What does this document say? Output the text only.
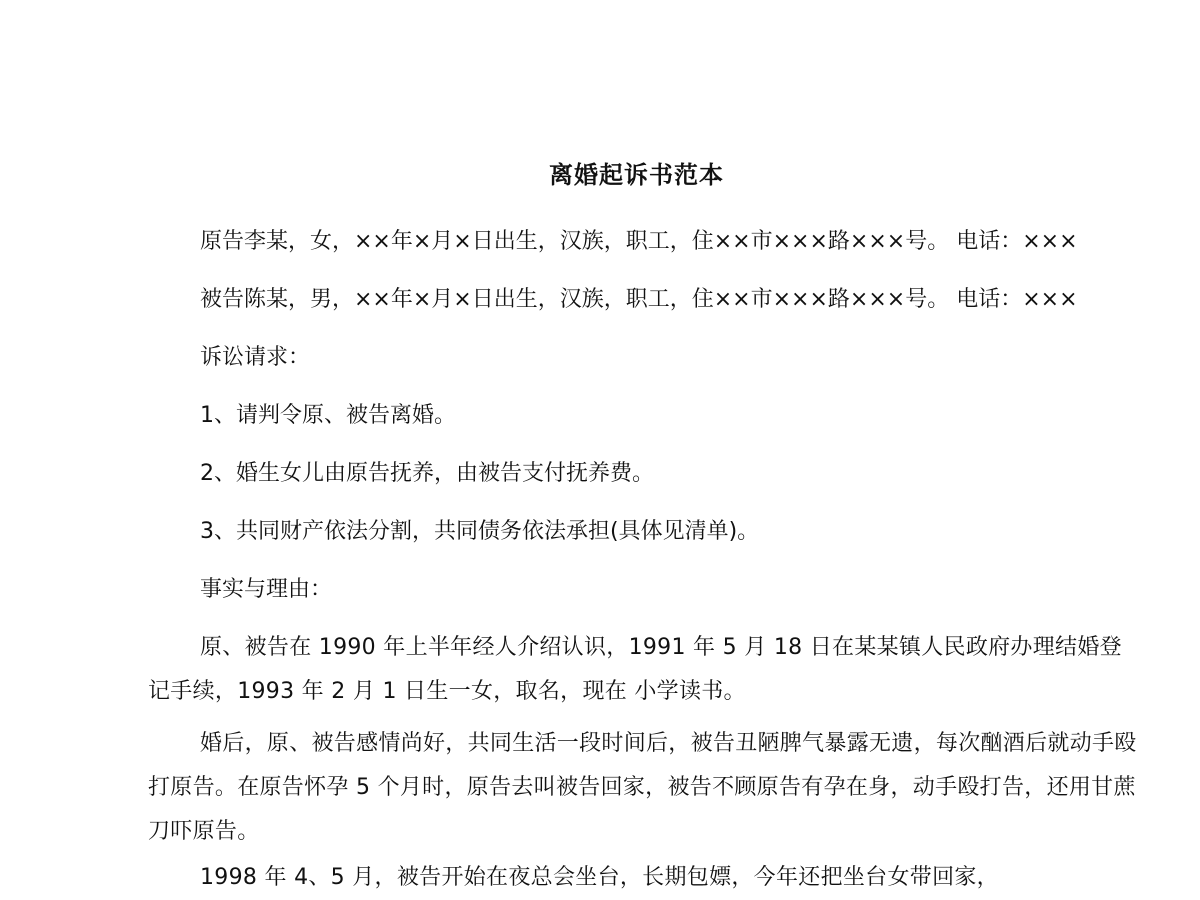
离婚起诉书范本
原告李某，女，××年×月×日出生，汉族，职工，住××市×××路×××号。 电话：×××
被告陈某，男，××年×月×日出生，汉族，职工，住××市×××路×××号。 电话：×××
诉讼请求：
1、请判令原、被告离婚。
2、婚生女儿由原告抚养，由被告支付抚养费。
3、共同财产依法分割，共同债务依法承担(具体见清单)。
事实与理由：
原、被告在 1990 年上半年经人介绍认识，1991 年 5 月 18 日在某某镇人民政府办理结婚登记手续，1993 年 2 月 1 日生一女，取名，现在 小学读书。
婚后，原、被告感情尚好，共同生活一段时间后，被告丑陋脾气暴露无遗，每次酗酒后就动手殴打原告。在原告怀孕 5 个月时，原告去叫被告回家，被告不顾原告有孕在身，动手殴打告，还用甘蔗刀吓原告。
1998 年 4、5 月，被告开始在夜总会坐台，长期包嫖，今年还把坐台女带回家，
